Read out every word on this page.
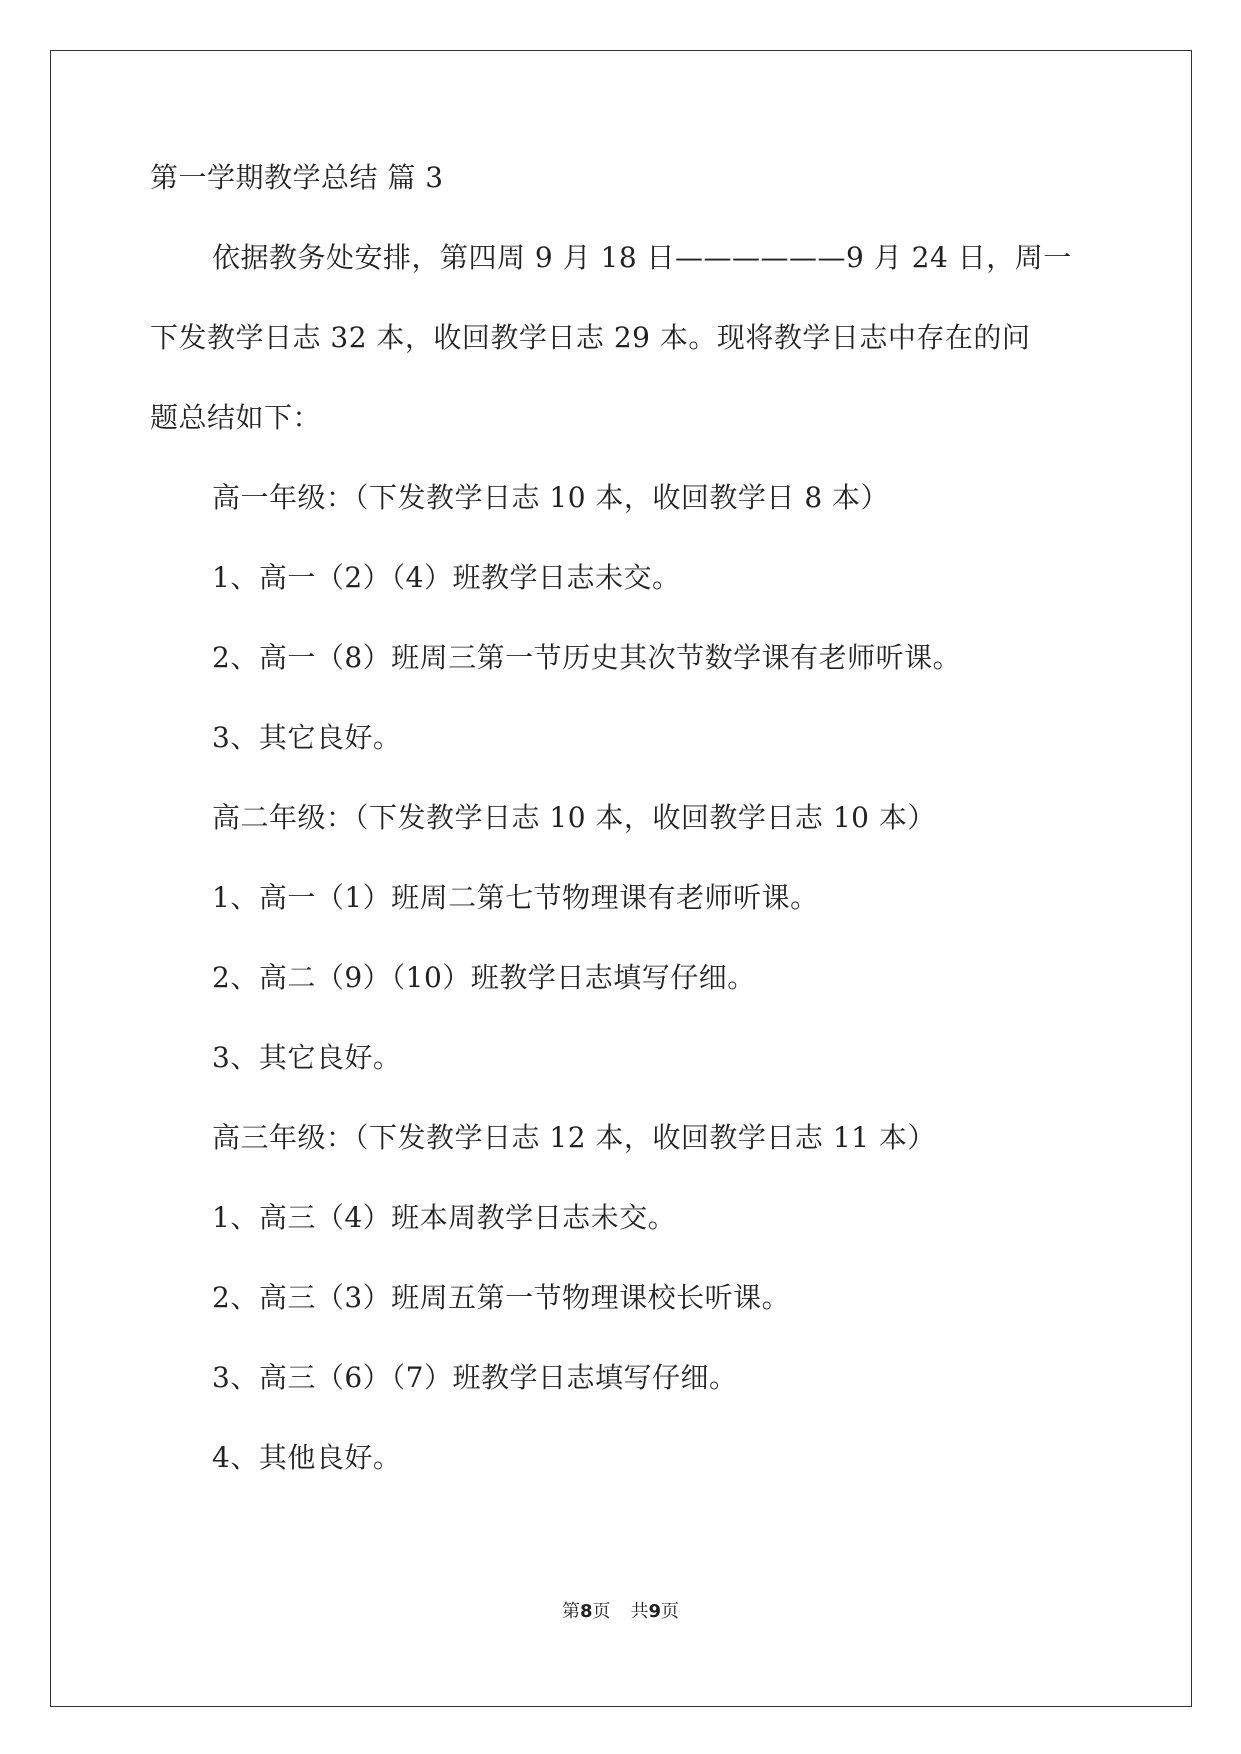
第一学期教学总结 篇 3
依据教务处安排，第四周 9 月 18 日——————9 月 24 日，周一
下发教学日志 32 本，收回教学日志 29 本。现将教学日志中存在的问
题总结如下：
高一年级：（下发教学日志 10 本，收回教学日 8 本）
1、高一（2）（4）班教学日志未交。
2、高一（8）班周三第一节历史其次节数学课有老师听课。
3、其它良好。
高二年级：（下发教学日志 10 本，收回教学日志 10 本）
1、高一（1）班周二第七节物理课有老师听课。
2、高二（9）（10）班教学日志填写仔细。
3、其它良好。
高三年级：（下发教学日志 12 本，收回教学日志 11 本）
1、高三（4）班本周教学日志未交。
2、高三（3）班周五第一节物理课校长听课。
3、高三（6）（7）班教学日志填写仔细。
4、其他良好。
第8页 共9页
